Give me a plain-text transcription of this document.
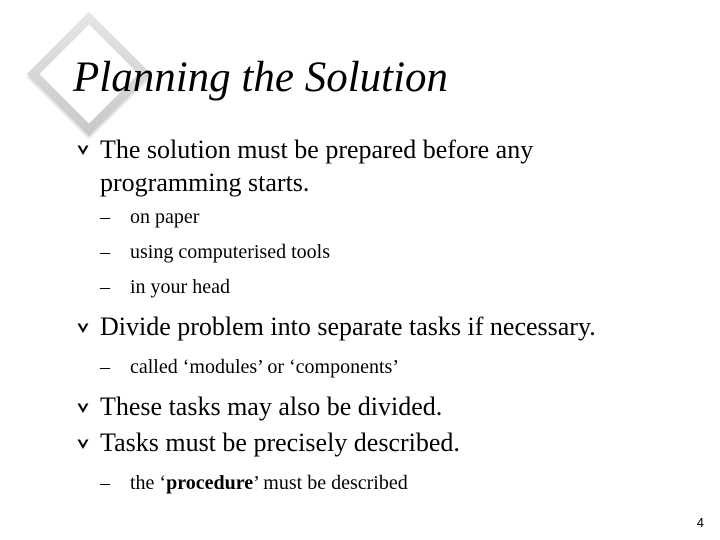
Planning the Solution
The solution must be prepared before any
programming starts.
– on paper
– using computerised tools
– in your head
Divide problem into separate tasks if necessary.
– called ‘modules’ or ‘components’
These tasks may also be divided.
Tasks must be precisely described.
– the ‘procedure’ must be described
4
